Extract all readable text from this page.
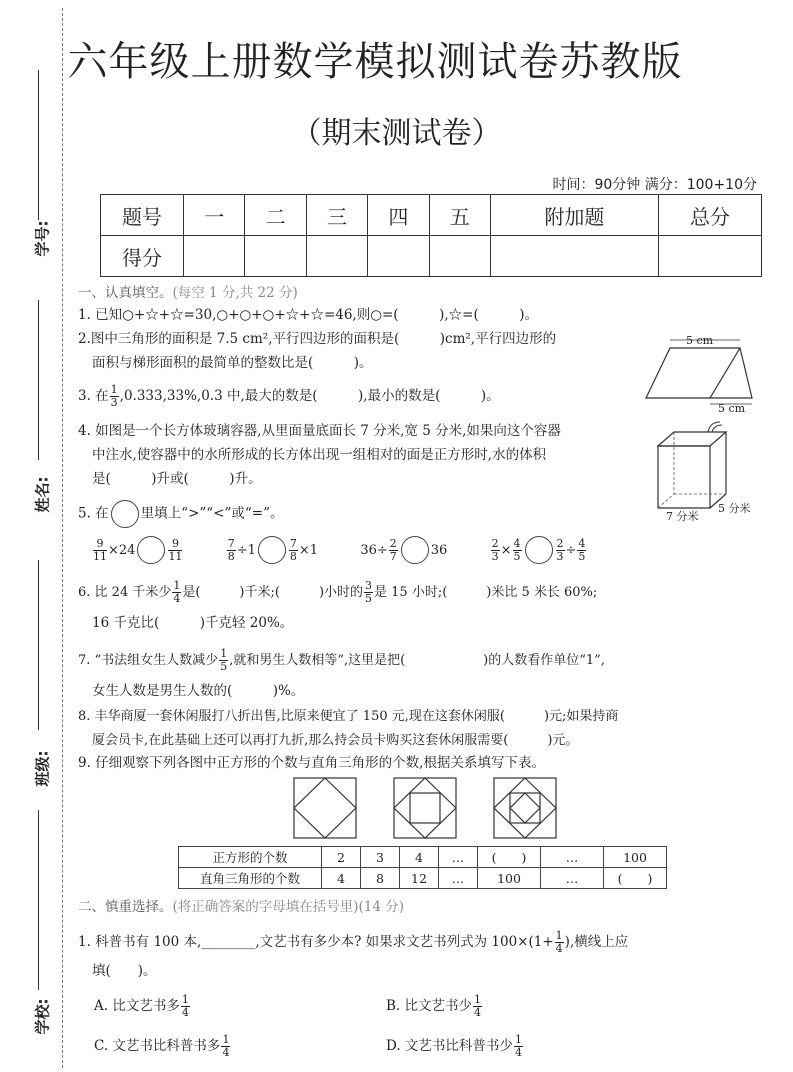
学号:
姓名:
班级:
学校:
六年级上册数学模拟测试卷苏教版
（期末测试卷）
时间：90分钟 满分：100+10分
题号	一	二	三	四	五	附加题	总分
得分							
一、认真填空。(每空 1 分,共 22 分)
1. 已知○+☆+☆=30,○+○+○+☆+☆=46,则○=(　　　),☆=(　　　)。
2.图中三角形的面积是 7.5 cm²,平行四边形的面积是(　　　)cm²,平行四边形的
面积与梯形面积的最简单的整数比是(　　　)。
5 cm
5 cm
3. 在 $\frac{1}{3} ,0.333,33\%,0.3$ 中,最大的数是(　　　),最小的数是(　　　)。
4. 如图是一个长方体玻璃容器,从里面量底面长 7 分米,宽 5 分米,如果向这个容器
中注水,使容器中的水所形成的长方体出现一组相对的面是正方形时,水的体积
是(　　　)升或(　　　)升。
7 分米
5 分米
5. 在 里填上“>”“<”或“=”。
$\frac{9}{11} \times 24$	$\frac{9}{11}$
	$\frac{7}{8} \div 1$	$\frac{7}{8} \times 1$	$36\div \frac{2}{7}$	36	$\frac{2}{3} \times \frac{4}{5}$	$\frac{2}{3} \div \frac{4}{5}$
6. 比 24 千米少 $\frac{1}{4}$ 是(　　　)千米;(　　　)小时的 $\frac{3}{5}$ 是 15 小时;(　　　)米比 5 米长 60%;
16 千克比(　　　)千克轻 20%。
7. “书法组女生人数减少 $\frac{1}{5}$ ,就和男生人数相等”,这里是把(　　　　　　)的人数看作单位“1”,
女生人数是男生人数的(　　　)%。
8. 丰华商厦一套休闲服打八折出售,比原来便宜了 150 元,现在这套休闲服(　　　)元;如果持商
厦会员卡,在此基础上还可以再打九折,那么持会员卡购买这套休闲服需要(　　　)元。
9. 仔细观察下列各图中正方形的个数与直角三角形的个数,根据关系填写下表。
正方形的个数	2	3	4	…	(　　)	…	100
直角三角形的个数	4	8	12	…	100	…	(　　)
二、慎重选择。(将正确答案的字母填在括号里)(14 分)
1. 科普书有 100 本,________,文艺书有多少本? 如果求文艺书列式为 $100\times(1+ \frac{1}{4}$ ),横线上应
填(　　)。
A. 比文艺书多 $\frac{1}{4}$	B. 比文艺书少 $\frac{1}{4}$
C. 文艺书比科普书多 $\frac{1}{4}$	D. 文艺书比科普书少 $\frac{1}{4}$
